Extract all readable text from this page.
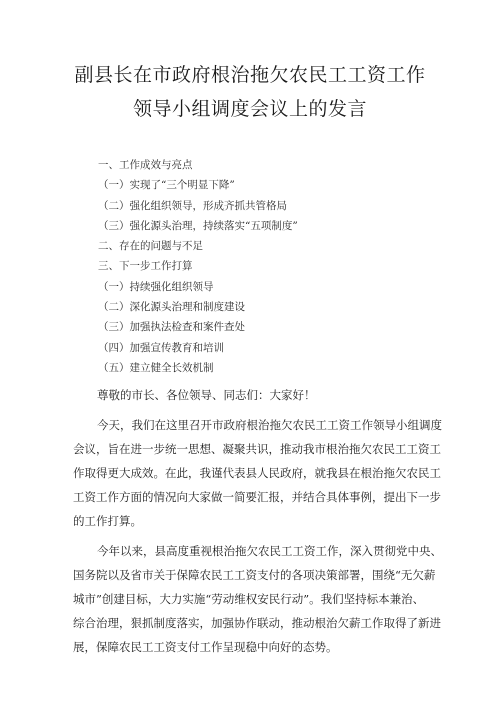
副县长在市政府根治拖欠农民工工资工作
领导小组调度会议上的发言
一、工作成效与亮点
（一）实现了“三个明显下降”
（二）强化组织领导，形成齐抓共管格局
（三）强化源头治理，持续落实“五项制度”
二、存在的问题与不足
三、下一步工作打算
（一）持续强化组织领导
（二）深化源头治理和制度建设
（三）加强执法检查和案件查处
（四）加强宣传教育和培训
（五）建立健全长效机制
尊敬的市长、各位领导、同志们：大家好！
今天，我们在这里召开市政府根治拖欠农民工工资工作领导小组调度
会议，旨在进一步统一思想、凝聚共识，推动我市根治拖欠农民工工资工
作取得更大成效。在此，我谨代表县人民政府，就我县在根治拖欠农民工
工资工作方面的情况向大家做一简要汇报，并结合具体事例，提出下一步
的工作打算。
今年以来，县高度重视根治拖欠农民工工资工作，深入贯彻党中央、
国务院以及省市关于保障农民工工资支付的各项决策部署，围绕“无欠薪
城市”创建目标，大力实施“劳动维权安民行动”。我们坚持标本兼治、
综合治理，狠抓制度落实，加强协作联动，推动根治欠薪工作取得了新进
展，保障农民工工资支付工作呈现稳中向好的态势。
